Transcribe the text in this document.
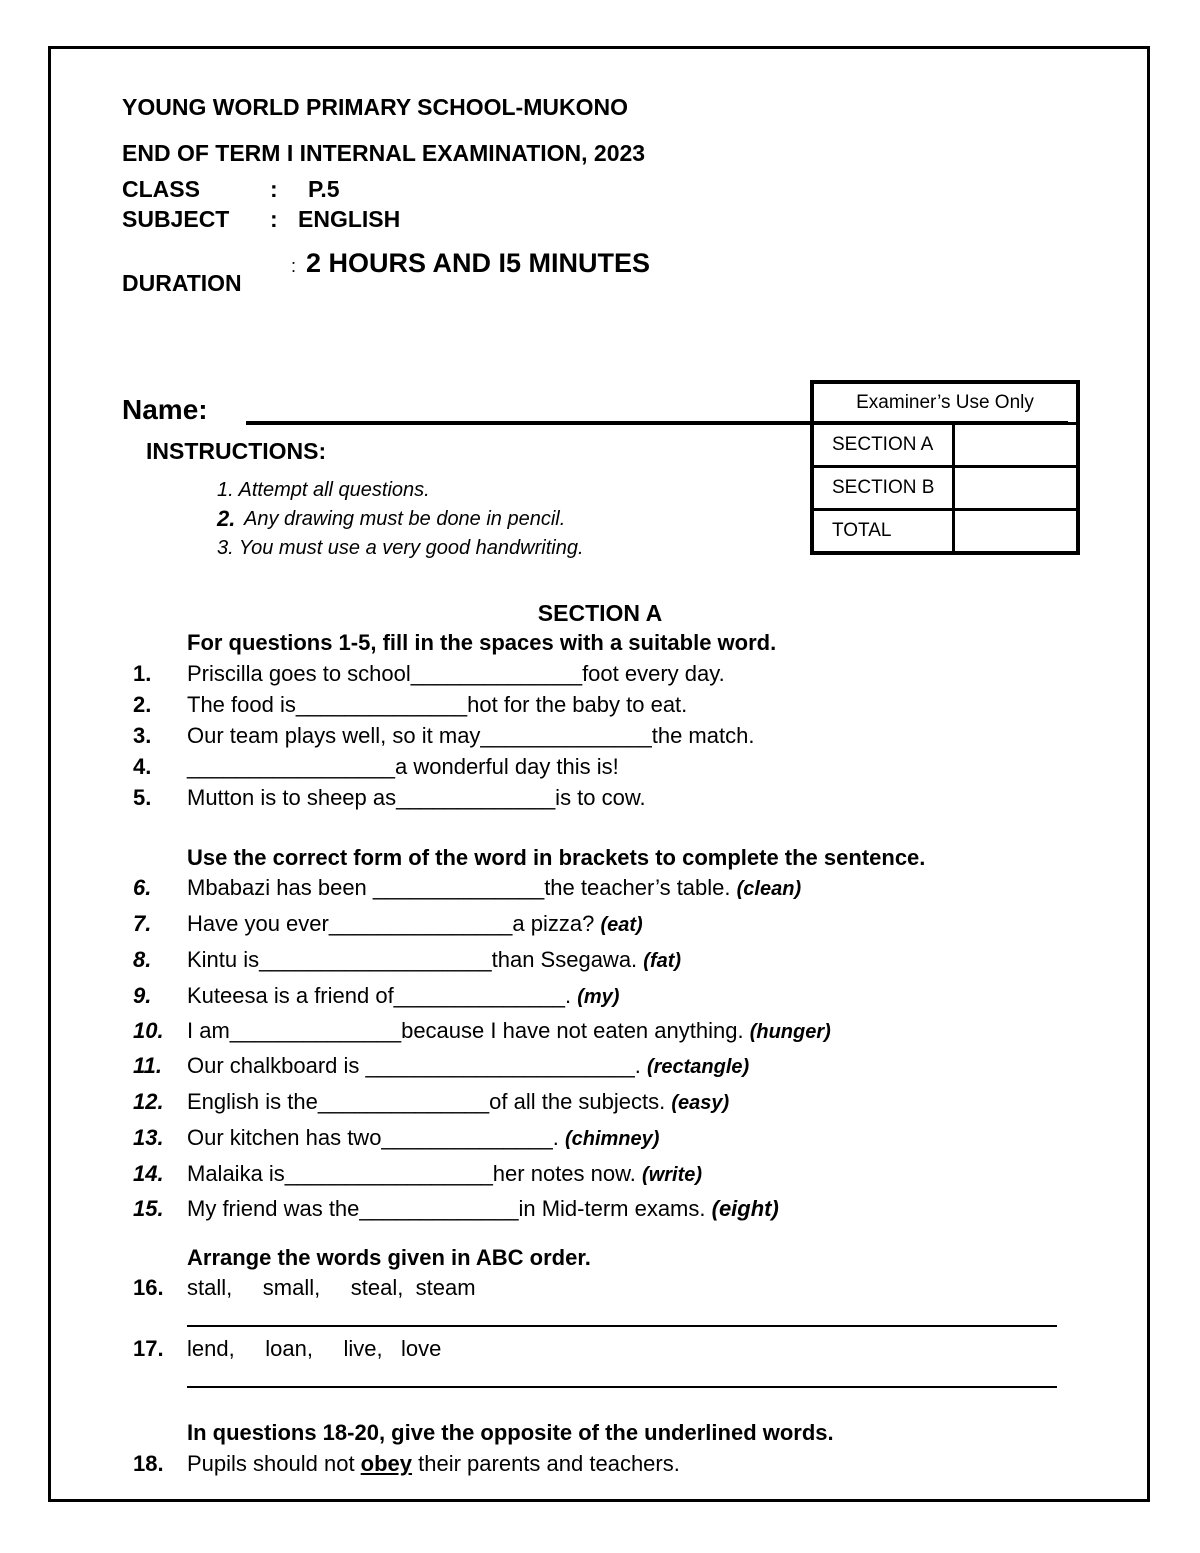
YOUNG WORLD PRIMARY SCHOOL-MUKONO
END OF TERM I INTERNAL EXAMINATION, 2023
CLASS	: P.5
SUBJECT : ENGLISH
DURATION
: 2 HOURS AND I5 MINUTES
Name:	Examiner’s Use Only	
SECTION A	
SECTION B	
TOTAL	
INSTRUCTIONS:
1. Attempt all questions.
2. Any drawing must be done in pencil.
3. You must use a very good handwriting.
SECTION A
For questions 1-5, fill in the spaces with a suitable word.
1. Priscilla goes to school______________foot every day.
2. The food is______________hot for the baby to eat.
3. Our team plays well, so it may______________the match.
4. _________________a wonderful day this is!
5. Mutton is to sheep as_____________is to cow.
Use the correct form of the word in brackets to complete the sentence.
6. Mbabazi has been ______________the teacher’s table. (clean)
7. Have you ever_______________a pizza? (eat)
8. Kintu is___________________than Ssegawa. (fat)
9. Kuteesa is a friend of______________. (my)
10. I am______________because I have not eaten anything. (hunger)
11. Our chalkboard is ______________________. (rectangle)
12. English is the______________of all the subjects. (easy)
13. Our kitchen has two______________. (chimney)
14. Malaika is_________________her notes now. (write)
15. My friend was the_____________in Mid-term exams. (eight)
Arrange the words given in ABC order.
16. stall,     small,     steal,  steam
17. lend,     loan,     live,   love
In questions 18-20, give the opposite of the underlined words.
18. Pupils should not obey their parents and teachers.
